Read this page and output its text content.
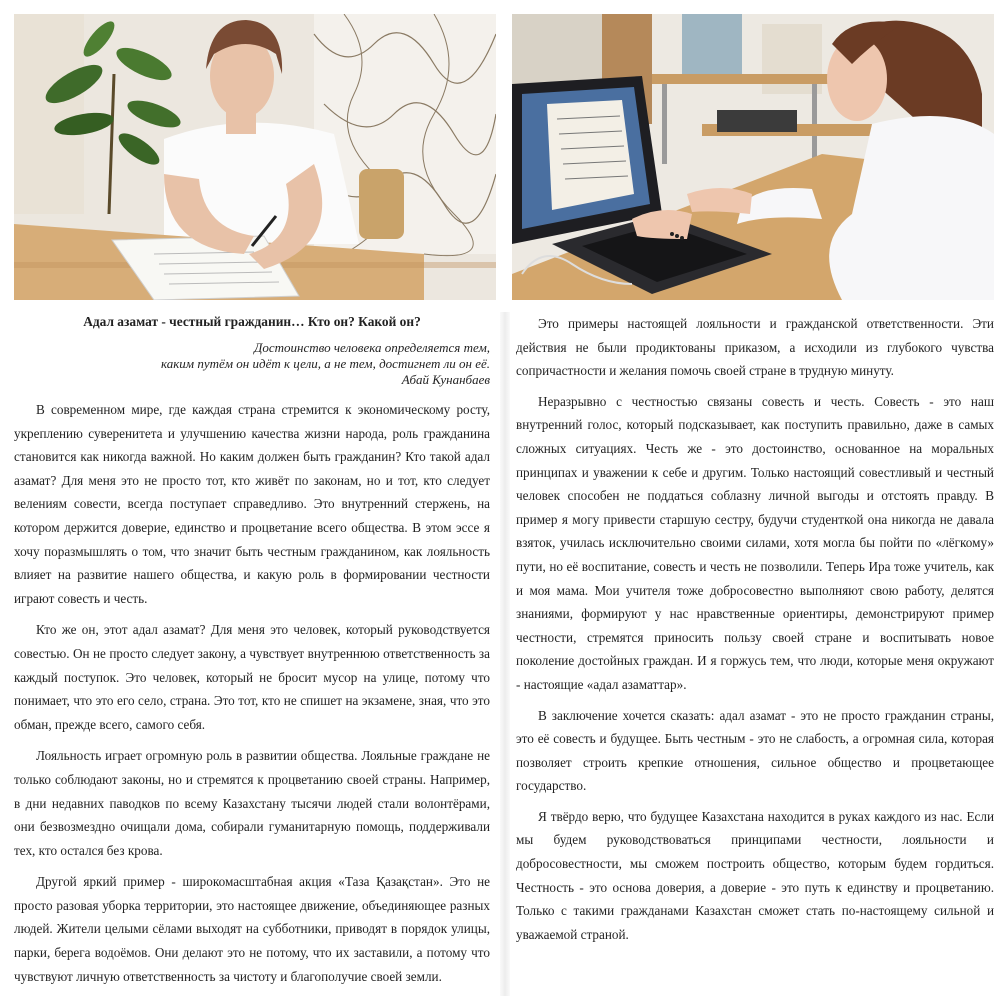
Адал азамат - честный гражданин… Кто он? Какой он?
Достоинство человека определяется тем,
каким путём он идёт к цели, а не тем, достигнет ли он её.
Абай Кунанбаев

В современном мире, где каждая страна стремится к экономическому росту, укреплению суверенитета и улучшению качества жизни народа, роль гражданина становится как никогда важной. Но каким должен быть гражданин? Кто такой адал азамат? Для меня это не просто тот, кто живёт по законам, но и тот, кто следует велениям совести, всегда поступает справедливо. Это внутренний стержень, на котором держится доверие, единство и процветание всего общества. В этом эссе я хочу поразмышлять о том, что значит быть честным гражданином, как лояльность влияет на развитие нашего общества, и какую роль в формировании честности играют совесть и честь.

Кто же он, этот адал азамат? Для меня это человек, который руководствуется совестью. Он не просто следует закону, а чувствует внутреннюю ответственность за каждый поступок. Это человек, который не бросит мусор на улице, потому что понимает, что это его село, страна. Это тот, кто не спишет на экзамене, зная, что это обман, прежде всего, самого себя.

Лояльность играет огромную роль в развитии общества. Лояльные граждане не только соблюдают законы, но и стремятся к процветанию своей страны. Например, в дни недавних паводков по всему Казахстану тысячи людей стали волонтёрами, они безвозмездно очищали дома, собирали гуманитарную помощь, поддерживали тех, кто остался без крова.

Другой яркий пример - широкомасштабная акция «Таза Қазақстан». Это не просто разовая уборка территории, это настоящее движение, объединяющее разных людей. Жители целыми сёлами выходят на субботники, приводят в порядок улицы, парки, берега водоёмов. Они делают это не потому, что их заставили, а потому что чувствуют личную ответственность за чистоту и благополучие своей земли.

Это примеры настоящей лояльности и гражданской ответственности. Эти действия не были продиктованы приказом, а исходили из глубокого чувства сопричастности и желания помочь своей стране в трудную минуту.

Неразрывно с честностью связаны совесть и честь. Совесть - это наш внутренний голос, который подсказывает, как поступить правильно, даже в самых сложных ситуациях. Честь же - это достоинство, основанное на моральных принципах и уважении к себе и другим. Только настоящий совестливый и честный человек способен не поддаться соблазну личной выгоды и отстоять правду. В пример я могу привести старшую сестру, будучи студенткой она никогда не давала взяток, училась исключительно своими силами, хотя могла бы пойти по «лёгкому» пути, но её воспитание, совесть и честь не позволили. Теперь Ира тоже учитель, как и моя мама. Мои учителя тоже добросовестно выполняют свою работу, делятся знаниями, формируют у нас нравственные ориентиры, демонстрируют пример честности, стремятся приносить пользу своей стране и воспитывать новое поколение достойных граждан. И я горжусь тем, что люди, которые меня окружают - настоящие «адал азаматтар».

В заключение хочется сказать: адал азамат - это не просто гражданин страны, это её совесть и будущее. Быть честным - это не слабость, а огромная сила, которая позволяет строить крепкие отношения, сильное общество и процветающее государство.

Я твёрдо верю, что будущее Казахстана находится в руках каждого из нас. Если мы будем руководствоваться принципами честности, лояльности и добросовестности, мы сможем построить общество, которым будем гордиться. Честность - это основа доверия, а доверие - это путь к единству и процветанию. Только с такими гражданами Казахстан сможет стать по-настоящему сильной и уважаемой страной.
